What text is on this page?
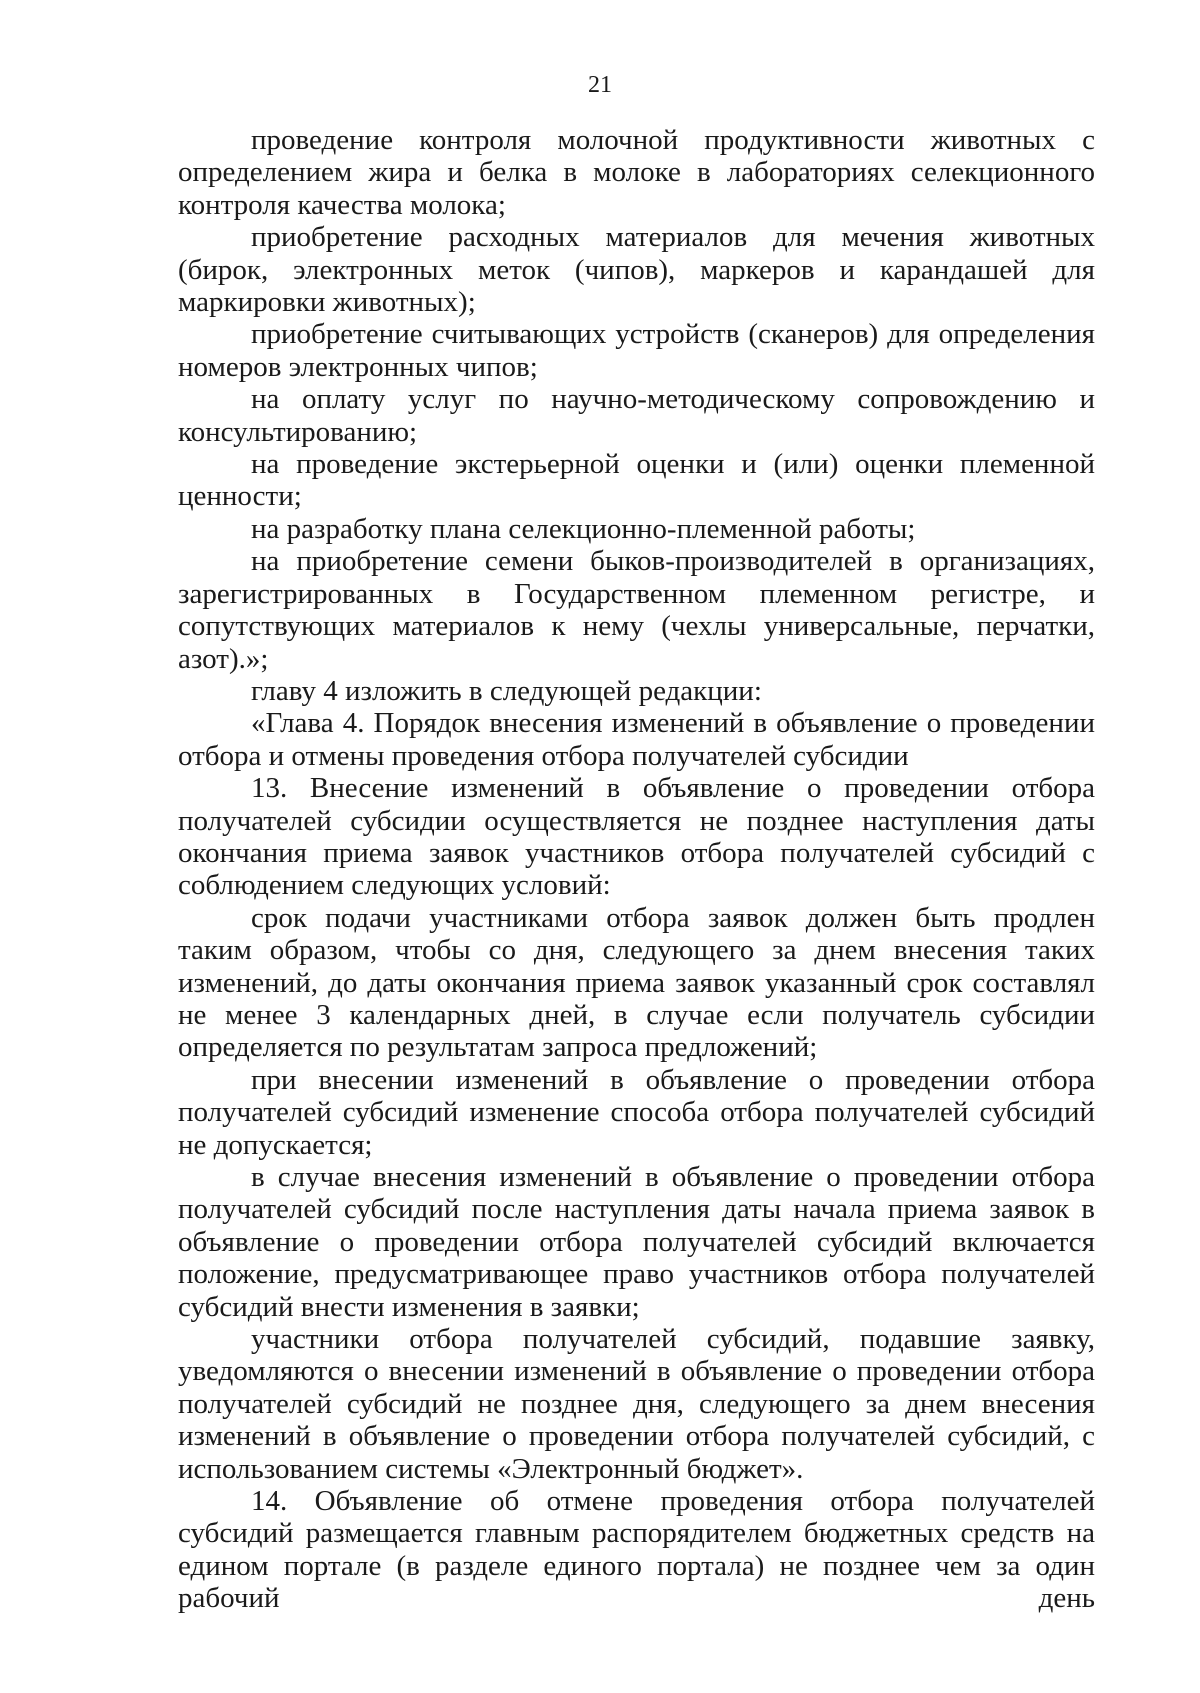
21

проведение контроля молочной продуктивности животных с определением жира и белка в молоке в лабораториях селекционного контроля качества молока;

приобретение расходных материалов для мечения животных (бирок, электронных меток (чипов), маркеров и карандашей для маркировки животных);

приобретение считывающих устройств (сканеров) для определения номеров электронных чипов;

на оплату услуг по научно-методическому сопровождению и консультированию;

на проведение экстерьерной оценки и (или) оценки племенной ценности;

на разработку плана селекционно-племенной работы;

на приобретение семени быков-производителей в организациях, зарегистрированных в Государственном племенном регистре, и сопутствующих материалов к нему (чехлы универсальные, перчатки, азот).»;

главу 4 изложить в следующей редакции:

«Глава 4. Порядок внесения изменений в объявление о проведении отбора и отмены проведения отбора получателей субсидии

13. Внесение изменений в объявление о проведении отбора получателей субсидии осуществляется не позднее наступления даты окончания приема заявок участников отбора получателей субсидий с соблюдением следующих условий:

срок подачи участниками отбора заявок должен быть продлен таким образом, чтобы со дня, следующего за днем внесения таких изменений, до даты окончания приема заявок указанный срок составлял не менее 3 календарных дней, в случае если получатель субсидии определяется по результатам запроса предложений;

при внесении изменений в объявление о проведении отбора получателей субсидий изменение способа отбора получателей субсидий не допускается;

в случае внесения изменений в объявление о проведении отбора получателей субсидий после наступления даты начала приема заявок в объявление о проведении отбора получателей субсидий включается положение, предусматривающее право участников отбора получателей субсидий внести изменения в заявки;

участники отбора получателей субсидий, подавшие заявку, уведомляются о внесении изменений в объявление о проведении отбора получателей субсидий не позднее дня, следующего за днем внесения изменений в объявление о проведении отбора получателей субсидий, с использованием системы «Электронный бюджет».

14. Объявление об отмене проведения отбора получателей субсидий размещается главным распорядителем бюджетных средств на едином портале (в разделе единого портала) не позднее чем за один рабочий день
